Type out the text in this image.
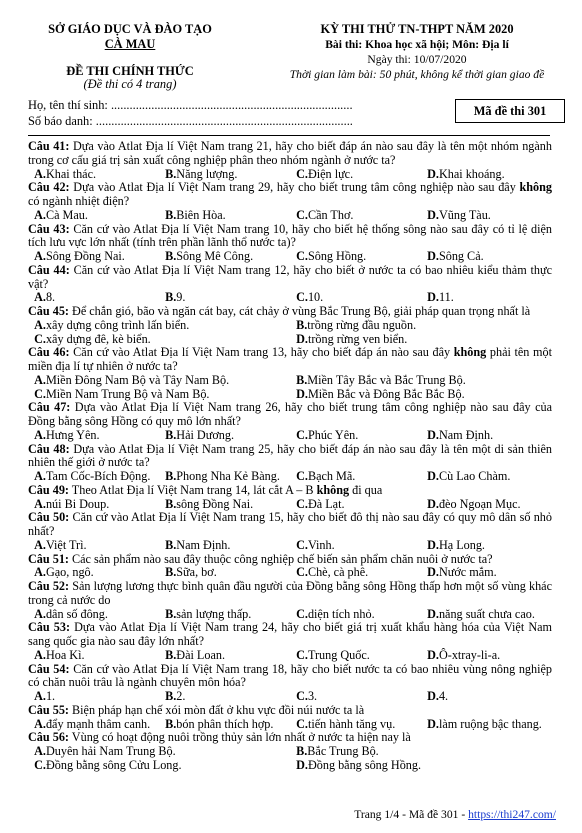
SỞ GIÁO DỤC VÀ ĐÀO TẠO
CÀ MAU
ĐỀ THI CHÍNH THỨC
(Đề thi có 4 trang)
KỲ THI THỬ TN-THPT NĂM 2020
Bài thi: Khoa học xã hội; Môn: Địa lí
Ngày thi: 10/07/2020
Thời gian làm bài: 50 phút, không kể thời gian giao đề
Họ, tên thí sinh: ..............................................................................
Số báo danh: ...................................................................................
Mã đề thi 301

Câu 41: Dựa vào Atlat Địa lí Việt Nam trang 21, hãy cho biết đáp án nào sau đây là tên một nhóm ngành trong cơ cấu giá trị sản xuất công nghiệp phân theo nhóm ngành ở nước ta?

A.Khai thác.	B.Năng lượng.	C.Điện lực.	D.Khai khoáng.

Câu 42: Dựa vào Atlat Địa lí Việt Nam trang 29, hãy cho biết trung tâm công nghiệp nào sau đây không có ngành nhiệt điện?

A.Cà Mau.	B.Biên Hòa.	C.Cần Thơ.	D.Vũng Tàu.

Câu 43: Căn cứ vào Atlat Địa lí Việt Nam trang 10, hãy cho biết hệ thống sông nào sau đây có tỉ lệ diện tích lưu vực lớn nhất (tính trên phần lãnh thổ nước ta)?

A.Sông Đồng Nai.	B.Sông Mê Công.	C.Sông Hồng.	D.Sông Cả.

Câu 44: Căn cứ vào Atlat Địa lí Việt Nam trang 12, hãy cho biết ở nước ta có bao nhiêu kiểu thảm thực vật?

A.8.	B.9.	C.10.	D.11.

Câu 45: Để chắn gió, bão và ngăn cát bay, cát chảy ở vùng Bắc Trung Bộ, giải pháp quan trọng nhất là

A.xây dựng công trình lấn biển.	B.trồng rừng đầu nguồn.
C.xây dựng đê, kè biển.	D.trồng rừng ven biển.

Câu 46: Căn cứ vào Atlat Địa lí Việt Nam trang 13, hãy cho biết đáp án nào sau đây không phải tên một miền địa lí tự nhiên ở nước ta?

A.Miền Đông Nam Bộ và Tây Nam Bộ.	B.Miền Tây Bắc và Bắc Trung Bộ.
C.Miền Nam Trung Bộ và Nam Bộ.	D.Miền Bắc và Đông Bắc Bắc Bộ.

Câu 47: Dựa vào Atlat Địa lí Việt Nam trang 26, hãy cho biết trung tâm công nghiệp nào sau đây của Đồng bằng sông Hồng có quy mô lớn nhất?

A.Hưng Yên.	B.Hải Dương.	C.Phúc Yên.	D.Nam Định.

Câu 48: Dựa vào Atlat Địa lí Việt Nam trang 25, hãy cho biết đáp án nào sau đây là tên một di sản thiên nhiên thế giới ở nước ta?

A.Tam Cốc-Bích Động.	B.Phong Nha Kẻ Bàng.	C.Bạch Mã.	D.Cù Lao Chàm.

Câu 49: Theo Atlat Địa lí Việt Nam trang 14, lát cắt A – B không đi qua

A.núi Bi Doup.	B.sông Đồng Nai.	C.Đà Lạt.	D.đèo Ngoạn Mục.

Câu 50: Căn cứ vào Atlat Địa lí Việt Nam trang 15, hãy cho biết đô thị nào sau đây có quy mô dân số nhỏ nhất?

A.Việt Trì.	B.Nam Định.	C.Vinh.	D.Hạ Long.

Câu 51: Các sản phẩm nào sau đây thuộc công nghiệp chế biến sản phẩm chăn nuôi ở nước ta?

A.Gạo, ngô.	B.Sữa, bơ.	C.Chè, cà phê.	D.Nước mắm.

Câu 52: Sản lượng lương thực bình quân đầu người của Đồng bằng sông Hồng thấp hơn một số vùng khác trong cả nước do

A.dân số đông.	B.sản lượng thấp.	C.diện tích nhỏ.	D.năng suất chưa cao.

Câu 53: Dựa vào Atlat Địa lí Việt Nam trang 24, hãy cho biết giá trị xuất khẩu hàng hóa của Việt Nam sang quốc gia nào sau đây lớn nhất?

A.Hoa Kì.	B.Đài Loan.	C.Trung Quốc.	D.Ô-xtray-li-a.

Câu 54: Căn cứ vào Atlat Địa lí Việt Nam trang 18, hãy cho biết nước ta có bao nhiêu vùng nông nghiệp có chăn nuôi trâu là ngành chuyên môn hóa?

A.1.	B.2.	C.3.	D.4.

Câu 55: Biện pháp hạn chế xói mòn đất ở khu vực đồi núi nước ta là

A.đẩy mạnh thâm canh.	B.bón phân thích hợp.	C.tiến hành tăng vụ.	D.làm ruộng bậc thang.

Câu 56: Vùng có hoạt động nuôi trồng thủy sản lớn nhất ở nước ta hiện nay là

A.Duyên hải Nam Trung Bộ.	B.Bắc Trung Bộ.
C.Đồng bằng sông Cửu Long.	D.Đồng bằng sông Hồng.
Trang 1/4 - Mã đề 301 - https://thi247.com/
